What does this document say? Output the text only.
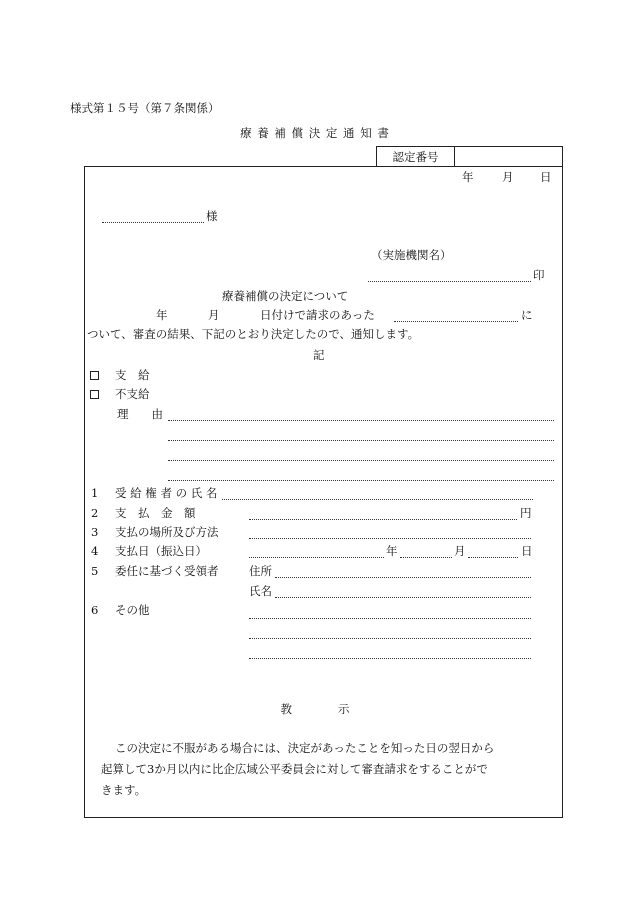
様式第１５号（第７条関係）
療 養 補 償 決 定 通 知 書
認定番号
年 月 日
様
（実施機関名）
印
療養補償の決定について
年	月	日付けで請求のあった	に
ついて、審査の結果、下記のとおり決定したので、通知します。
記
支　給
不支給
理　　由
1 受 給 権 者 の 氏 名
2 支　払　金　額	円
3 支払の場所及び方法
4 支払日（振込日）	年	月	日
5 委任に基づく受領者	住所
氏名
6 その他
教　　　　示
この決定に不服がある場合には、決定があったことを知った日の翌日から
起算して3か月以内に比企広域公平委員会に対して審査請求をすることがで
きます。
